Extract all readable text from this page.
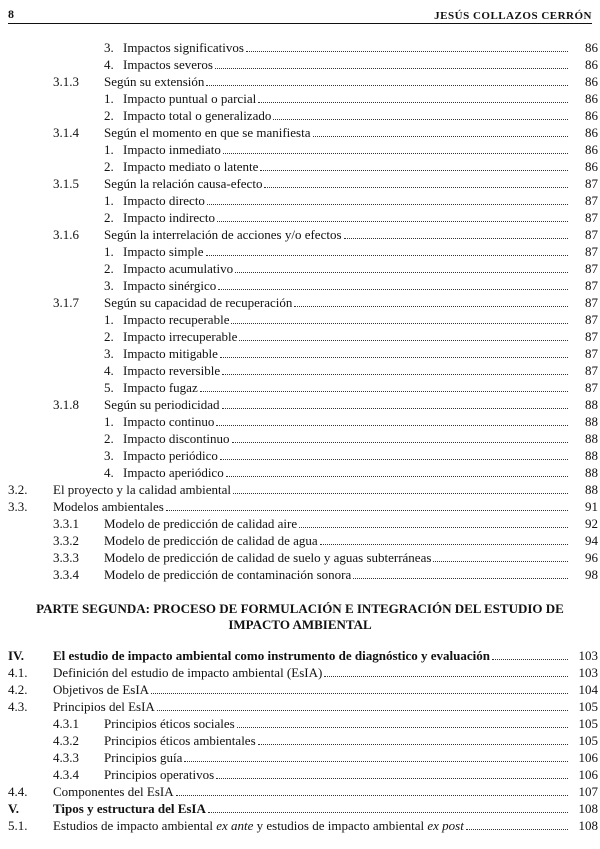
8	JESÚS COLLAZOS CERRÓN
3. Impactos significativos	86
4. Impactos severos	86
3.1.3 Según su extensión	86
1. Impacto puntual o parcial	86
2. Impacto total o generalizado	86
3.1.4 Según el momento en que se manifiesta	86
1. Impacto inmediato	86
2. Impacto mediato o latente	86
3.1.5 Según la relación causa-efecto	87
1. Impacto directo	87
2. Impacto indirecto	87
3.1.6 Según la interrelación de acciones y/o efectos	87
1. Impacto simple	87
2. Impacto acumulativo	87
3. Impacto sinérgico	87
3.1.7 Según su capacidad de recuperación	87
1. Impacto recuperable	87
2. Impacto irrecuperable	87
3. Impacto mitigable	87
4. Impacto reversible	87
5. Impacto fugaz	87
3.1.8 Según su periodicidad	88
1. Impacto continuo	88
2. Impacto discontinuo	88
3. Impacto periódico	88
4. Impacto aperiódico	88
3.2. El proyecto y la calidad ambiental	88
3.3. Modelos ambientales	91
3.3.1 Modelo de predicción de calidad aire	92
3.3.2 Modelo de predicción de calidad de agua	94
3.3.3 Modelo de predicción de calidad de suelo y aguas subterráneas	96
3.3.4 Modelo de predicción de contaminación sonora	98
PARTE SEGUNDA: PROCESO DE FORMULACIÓN E INTEGRACIÓN DEL ESTUDIO DE IMPACTO AMBIENTAL
IV. El estudio de impacto ambiental como instrumento de diagnóstico y evaluación	103
4.1. Definición del estudio de impacto ambiental (EsIA)	103
4.2. Objetivos de EsIA	104
4.3. Principios del EsIA	105
4.3.1 Principios éticos sociales	105
4.3.2 Principios éticos ambientales	105
4.3.3 Principios guía	106
4.3.4 Principios operativos	106
4.4. Componentes del EsIA	107
V.	Tipos y estructura del EsIA	108
5.1. Estudios de impacto ambiental ex ante y estudios de impacto ambiental ex post	108
